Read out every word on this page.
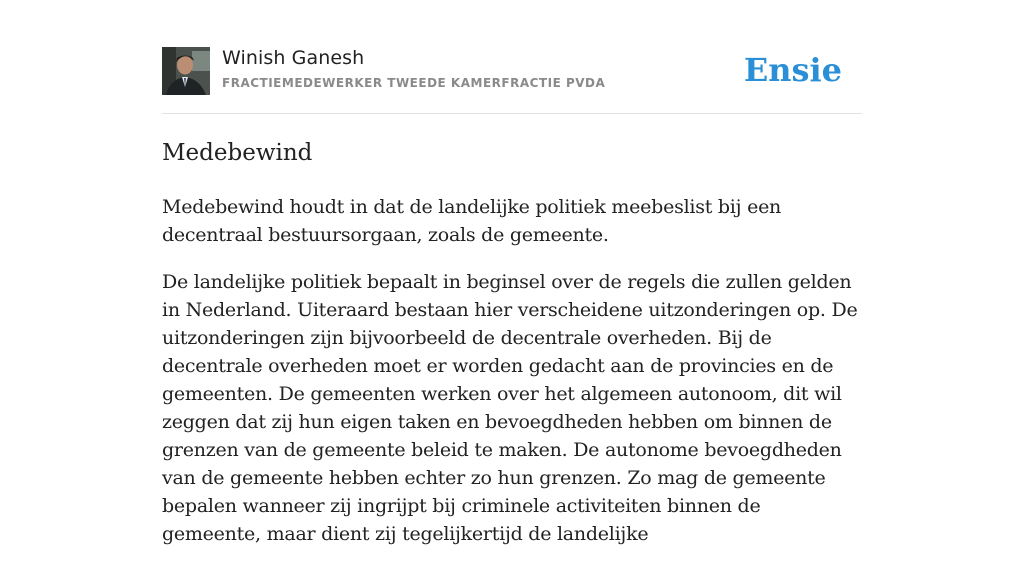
Winish Ganesh
FRACTIEMEDEWERKER TWEEDE KAMERFRACTIE PVDA	Ensie
Medebewind

Medebewind houdt in dat de landelijke politiek meebeslist bij een decentraal bestuursorgaan, zoals de gemeente.

De landelijke politiek bepaalt in beginsel over de regels die zullen gelden in Nederland. Uiteraard bestaan hier verscheidene uitzonderingen op. De uitzonderingen zijn bijvoorbeeld de decentrale overheden. Bij de decentrale overheden moet er worden gedacht aan de provincies en de gemeenten. De gemeenten werken over het algemeen autonoom, dit wil zeggen dat zij hun eigen taken en bevoegdheden hebben om binnen de grenzen van de gemeente beleid te maken. De autonome bevoegdheden van de gemeente hebben echter zo hun grenzen. Zo mag de gemeente bepalen wanneer zij ingrijpt bij criminele activiteiten binnen de gemeente, maar dient zij tegelijkertijd de landelijke
